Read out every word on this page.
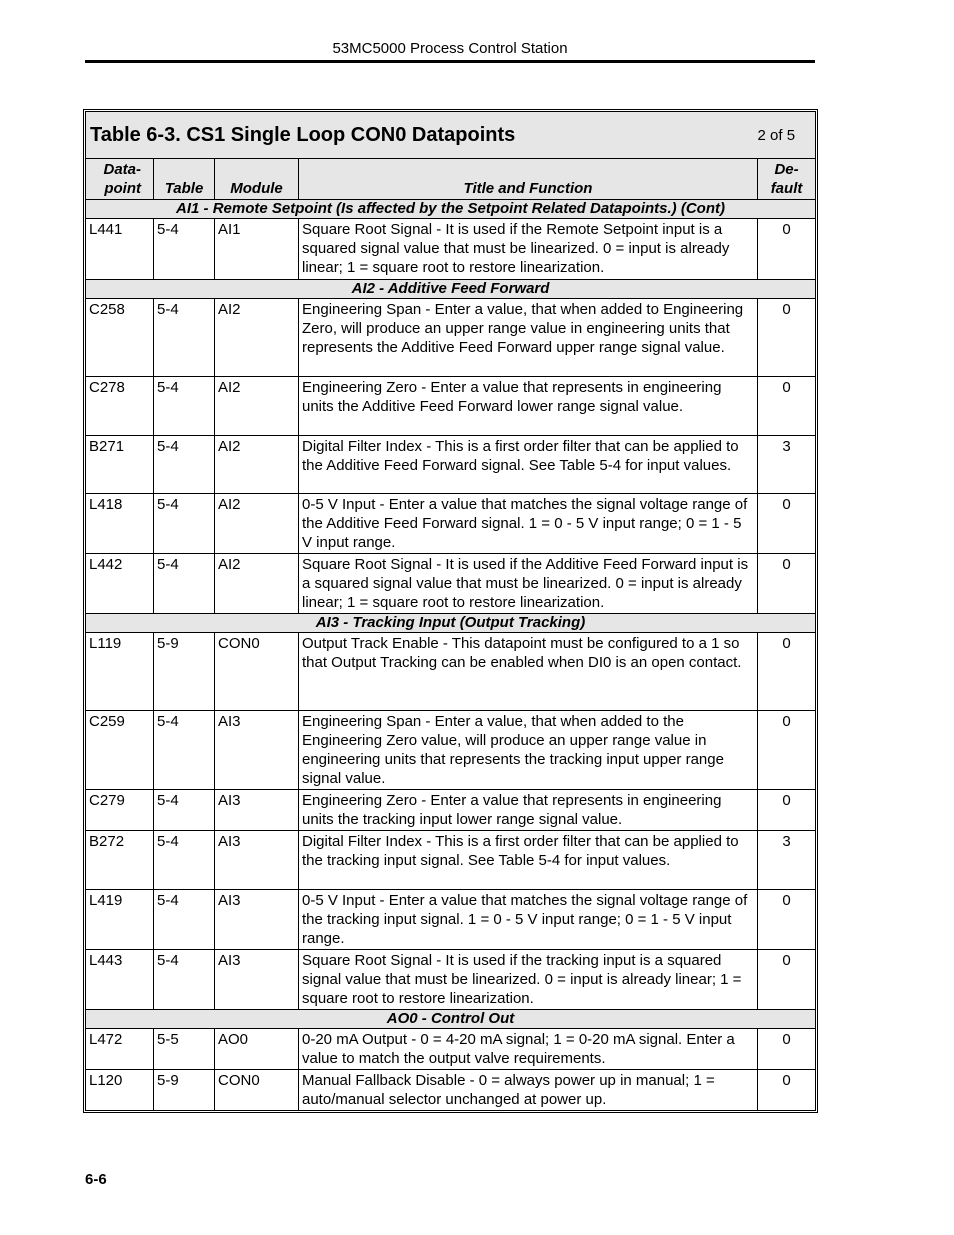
53MC5000 Process Control Station
Table 6-3. CS1 Single Loop CON0 Datapoints 2 of 5				

Data-
point	Table	Module	Title and Function	De-
fault
AI1 - Remote Setpoint (Is affected by the Setpoint Related Datapoints.) (Cont)				
L441	5-4	AI1	Square Root Signal - It is used if the Remote Setpoint input is a squared signal value that must be linearized. 0 = input is already linear; 1 = square root to restore linearization.	0
AI2 - Additive Feed Forward				
C258	5-4	AI2	Engineering Span - Enter a value, that when added to Engineering Zero, will produce an upper range value in engineering units that represents the Additive Feed Forward upper range signal value.	0
C278	5-4	AI2	Engineering Zero - Enter a value that represents in engineering units the Additive Feed Forward lower range signal value.	0
B271	5-4	AI2	Digital Filter Index - This is a first order filter that can be applied to the Additive Feed Forward signal. See Table 5-4 for input values.	3
L418	5-4	AI2	0-5 V Input - Enter a value that matches the signal voltage range of the Additive Feed Forward signal. 1 = 0 - 5 V input range; 0 = 1 - 5 V input range.	0
L442	5-4	AI2	Square Root Signal - It is used if the Additive Feed Forward input is a squared signal value that must be linearized. 0 = input is already linear; 1 = square root to restore linearization.	0
AI3 - Tracking Input (Output Tracking)				
L119	5-9	CON0	Output Track Enable - This datapoint must be configured to a 1 so that Output Tracking can be enabled when DI0 is an open contact.	0
C259	5-4	AI3	Engineering Span - Enter a value, that when added to the Engineering Zero value, will produce an upper range value in engineering units that represents the tracking input upper range signal value.	0
C279	5-4	AI3	Engineering Zero - Enter a value that represents in engineering units the tracking input lower range signal value.	0
B272	5-4	AI3	Digital Filter Index - This is a first order filter that can be applied to the tracking input signal. See Table 5-4 for input values.	3
L419	5-4	AI3	0-5 V Input - Enter a value that matches the signal voltage range of the tracking input signal. 1 = 0 - 5 V input range; 0 = 1 - 5 V input range.	0
L443	5-4	AI3	Square Root Signal - It is used if the tracking input is a squared signal value that must be linearized. 0 = input is already linear; 1 = square root to restore linearization.	0
AO0 - Control Out				
L472	5-5	AO0	0-20 mA Output - 0 = 4-20 mA signal; 1 = 0-20 mA signal. Enter a value to match the output valve requirements.	0
L120	5-9	CON0	Manual Fallback Disable - 0 = always power up in manual; 1 = auto/manual selector unchanged at power up.	0
6-6
